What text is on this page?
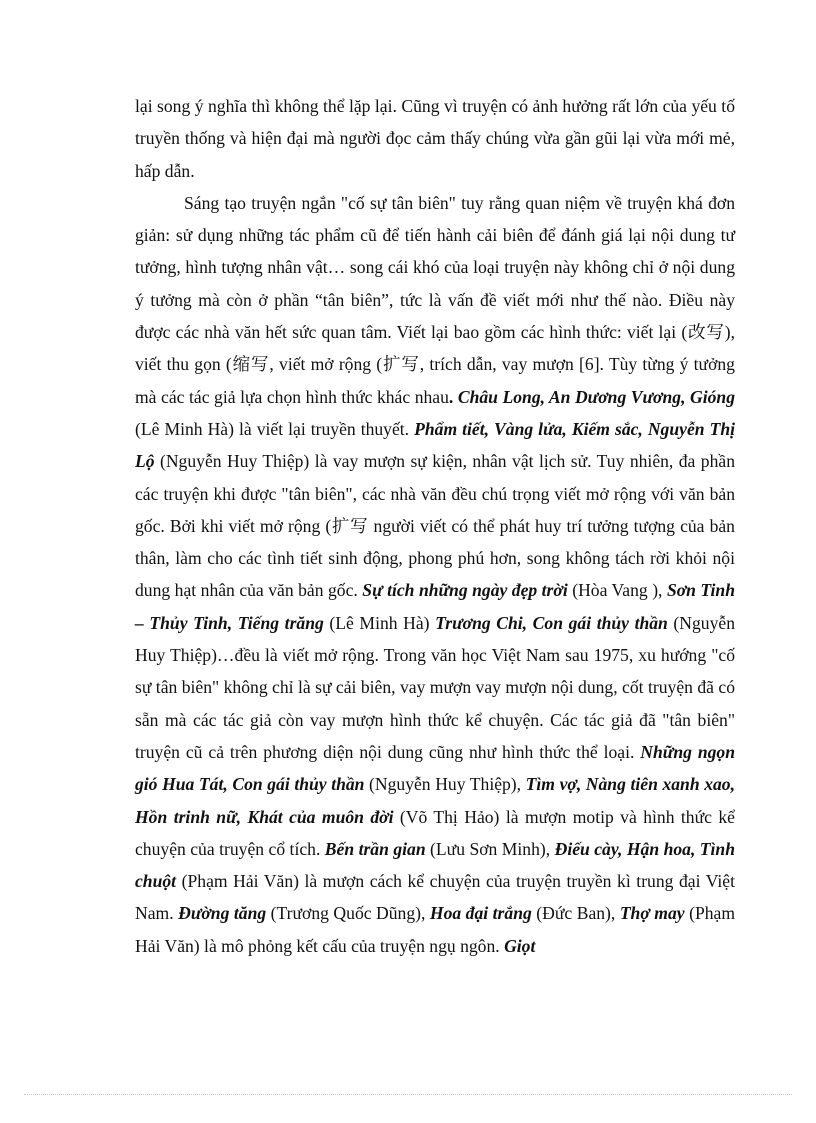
lại song ý nghĩa thì không thể lặp lại. Cũng vì truyện có ảnh hưởng rất lớn của yếu tố truyền thống và hiện đại mà người đọc cảm thấy chúng vừa gần gũi lại vừa mới mẻ, hấp dẫn.

Sáng tạo truyện ngắn "cố sự tân biên" tuy rằng quan niệm về truyện khá đơn giản: sử dụng những tác phẩm cũ để tiến hành cải biên để đánh giá lại nội dung tư tưởng, hình tượng nhân vật… song cái khó của loại truyện này không chỉ ở nội dung ý tưởng mà còn ở phần “tân biên”, tức là vấn đề viết mới như thế nào. Điều này được các nhà văn hết sức quan tâm. Viết lại bao gồm các hình thức: viết lại (改写), viết thu gọn (缩写, viết mở rộng (扩写, trích dẫn, vay mượn [6]. Tùy từng ý tưởng mà các tác giả lựa chọn hình thức khác nhau. Châu Long, An Dương Vương, Gióng (Lê Minh Hà) là viết lại truyền thuyết. Phẩm tiết, Vàng lửa, Kiếm sắc, Nguyễn Thị Lộ (Nguyễn Huy Thiệp) là vay mượn sự kiện, nhân vật lịch sử. Tuy nhiên, đa phần các truyện khi được "tân biên", các nhà văn đều chú trọng viết mở rộng với văn bản gốc. Bởi khi viết mở rộng (扩写 người viết có thể phát huy trí tưởng tượng của bản thân, làm cho các tình tiết sinh động, phong phú hơn, song không tách rời khỏi nội dung hạt nhân của văn bản gốc. Sự tích những ngày đẹp trời (Hòa Vang ), Sơn Tinh – Thủy Tinh, Tiếng trăng (Lê Minh Hà) Trương Chi, Con gái thủy thần (Nguyễn Huy Thiệp)…đều là viết mở rộng. Trong văn học Việt Nam sau 1975, xu hướng "cố sự tân biên" không chỉ là sự cải biên, vay mượn vay mượn nội dung, cốt truyện đã có sẵn mà các tác giả còn vay mượn hình thức kể chuyện. Các tác giả đã "tân biên" truyện cũ cả trên phương diện nội dung cũng như hình thức thể loại. Những ngọn gió Hua Tát, Con gái thủy thần (Nguyễn Huy Thiệp), Tìm vợ, Nàng tiên xanh xao, Hồn trinh nữ, Khát của muôn đời (Võ Thị Hảo) là mượn motip và hình thức kể chuyện của truyện cổ tích. Bến trần gian (Lưu Sơn Minh), Điếu cày, Hận hoa, Tình chuột (Phạm Hải Văn) là mượn cách kể chuyện của truyện truyền kì trung đại Việt Nam. Đường tăng (Trương Quốc Dũng), Hoa đại trắng (Đức Ban), Thợ may (Phạm Hải Văn) là mô phỏng kết cấu của truyện ngụ ngôn. Giọt
